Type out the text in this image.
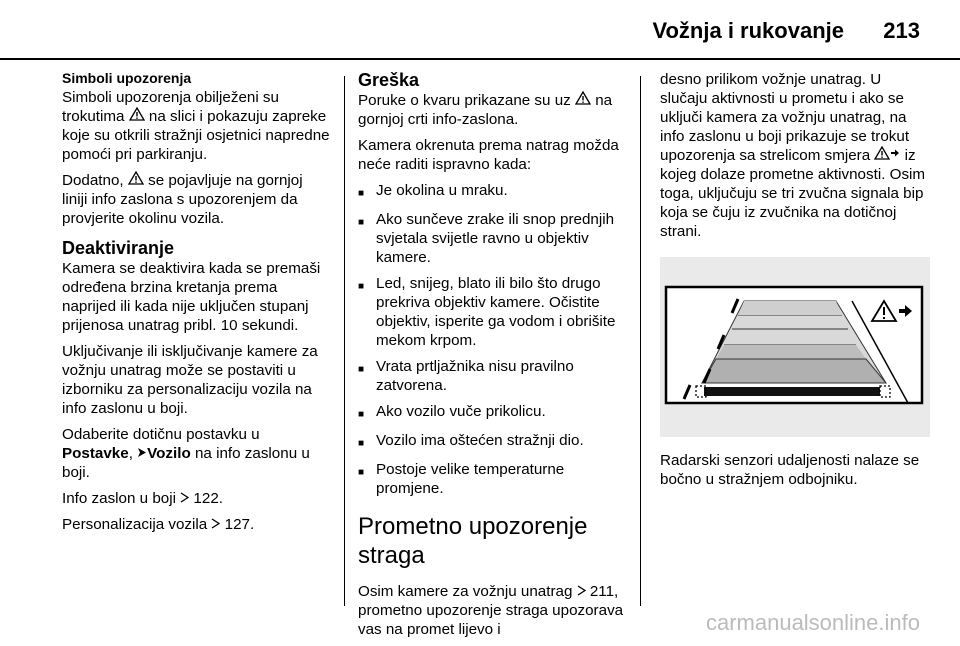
Vožnja i rukovanje 213

Simboli upozorenja

Simboli upozorenja obilježeni su trokutima  na slici i pokazuju zapreke koje su otkrili stražnji osjetnici napredne pomoći pri parkiranju.

Dodatno,  se pojavljuje na gornjoj liniji info zaslona s upozorenjem da provjerite okolinu vozila.

Deaktiviranje

Kamera se deaktivira kada se premaši određena brzina kretanja prema naprijed ili kada nije uključen stupanj prijenosa unatrag pribl. 10 sekundi.

Uključivanje ili isključivanje kamere za vožnju unatrag može se postaviti u izborniku za personalizaciju vozila na info zaslonu u boji.

Odaberite dotičnu postavku u Postavke, Vozilo na info zaslonu u boji.

Info zaslon u boji  122.

Personalizacija vozila  127.

Greška

Poruke o kvaru prikazane su uz  na gornjoj crti info-zaslona.

Kamera okrenuta prema natrag možda neće raditi ispravno kada:

■ Je okolina u mraku.
■ Ako sunčeve zrake ili snop prednjih svjetala svijetle ravno u objektiv kamere.
■ Led, snijeg, blato ili bilo što drugo prekriva objektiv kamere. Očistite objektiv, isperite ga vodom i obrišite mekom krpom.
■ Vrata prtljažnika nisu pravilno zatvorena.
■ Ako vozilo vuče prikolicu.
■ Vozilo ima oštećen stražnji dio.
■ Postoje velike temperaturne promjene.

Prometno upozorenje straga

Osim kamere za vožnju unatrag  211, prometno upozorenje straga upozorava vas na promet lijevo i

desno prilikom vožnje unatrag. U slučaju aktivnosti u prometu i ako se uključi kamera za vožnju unatrag, na info zaslonu u boji prikazuje se trokut upozorenja sa strelicom smjera  iz kojeg dolaze prometne aktivnosti. Osim toga, uključuju se tri zvučna signala bip koja se čuju iz zvučnika na dotičnoj strani.

Radarski senzori udaljenosti nalaze se bočno u stražnjem odbojniku.

carmanualsonline.info
